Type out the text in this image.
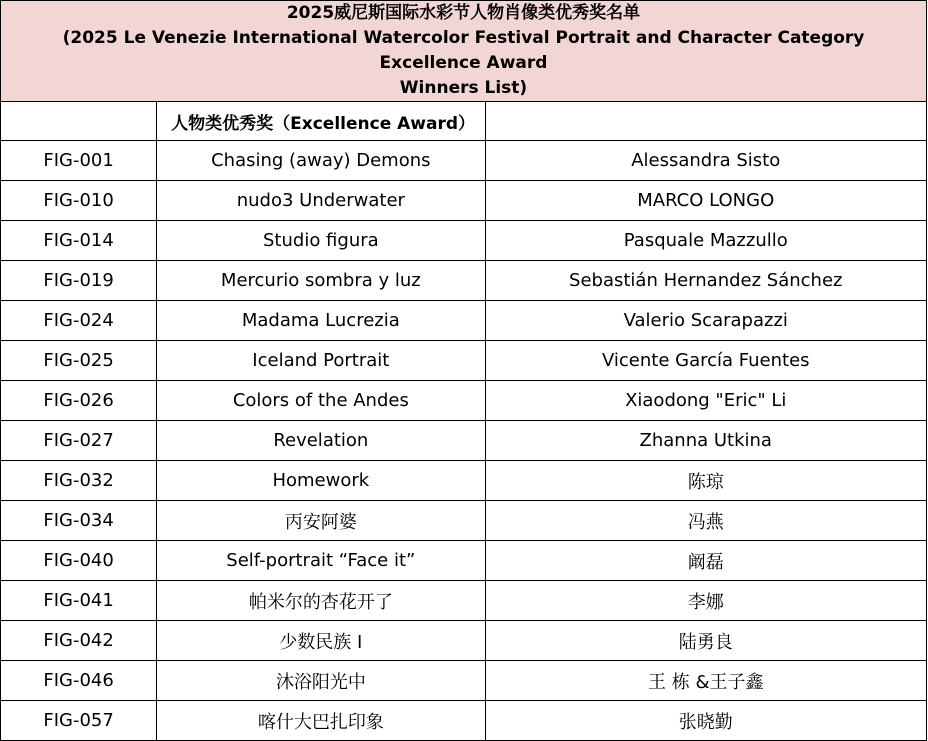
2025威尼斯国际水彩节人物肖像类优秀奖名单
(2025 Le Venezie International Watercolor Festival Portrait and Character Category Excellence Award
Winners List)		

	人物类优秀奖（Excellence Award）	
FIG-001	Chasing (away) Demons	Alessandra Sisto
FIG-010	nudo3 Underwater	MARCO LONGO
FIG-014	Studio figura	Pasquale Mazzullo
FIG-019	Mercurio sombra y luz	Sebastián Hernandez Sánchez
FIG-024	Madama Lucrezia	Valerio Scarapazzi
FIG-025	Iceland Portrait	Vicente García Fuentes
FIG-026	Colors of the Andes	Xiaodong "Eric" Li
FIG-027	Revelation	Zhanna Utkina
FIG-032	Homework	陈琼
FIG-034	丙安阿婆	冯燕
FIG-040	Self-portrait “Face it”	阚磊
FIG-041	帕米尔的杏花开了	李娜
FIG-042	少数民族 I	陆勇良
FIG-046	沐浴阳光中	王 栋 &王子鑫
FIG-057	喀什大巴扎印象	张晓勤
